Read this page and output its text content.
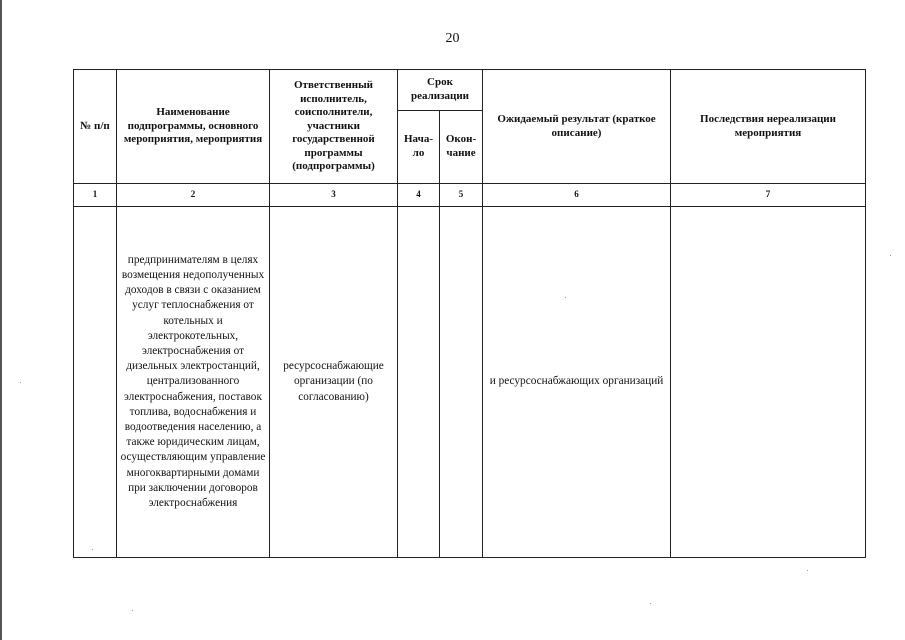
20
№ п/п	Наименование подпрограммы, основного мероприятия, мероприятия	Ответственный исполнитель, соисполнители, участники государственной программы (подпрограммы)	Срок реализации		Ожидаемый результат (краткое описание)	Последствия нереализации мероприятия
			Нача-ло	Окон-чание		
1	2	3	4	5	6	7
	предпринимателям в целях возмещения недополученных доходов в связи с оказанием услуг теплоснабжения от котельных и электрокотельных, электроснабжения от дизельных электростанций, централизованного электроснабжения, поставок топлива, водоснабжения и водоотведения населению, а также юридическим лицам, осуществляющим управление многоквартирными домами при заключении договоров электроснабжения	ресурсоснабжающие организации (по согласованию)			и ресурсоснабжающих организаций	
